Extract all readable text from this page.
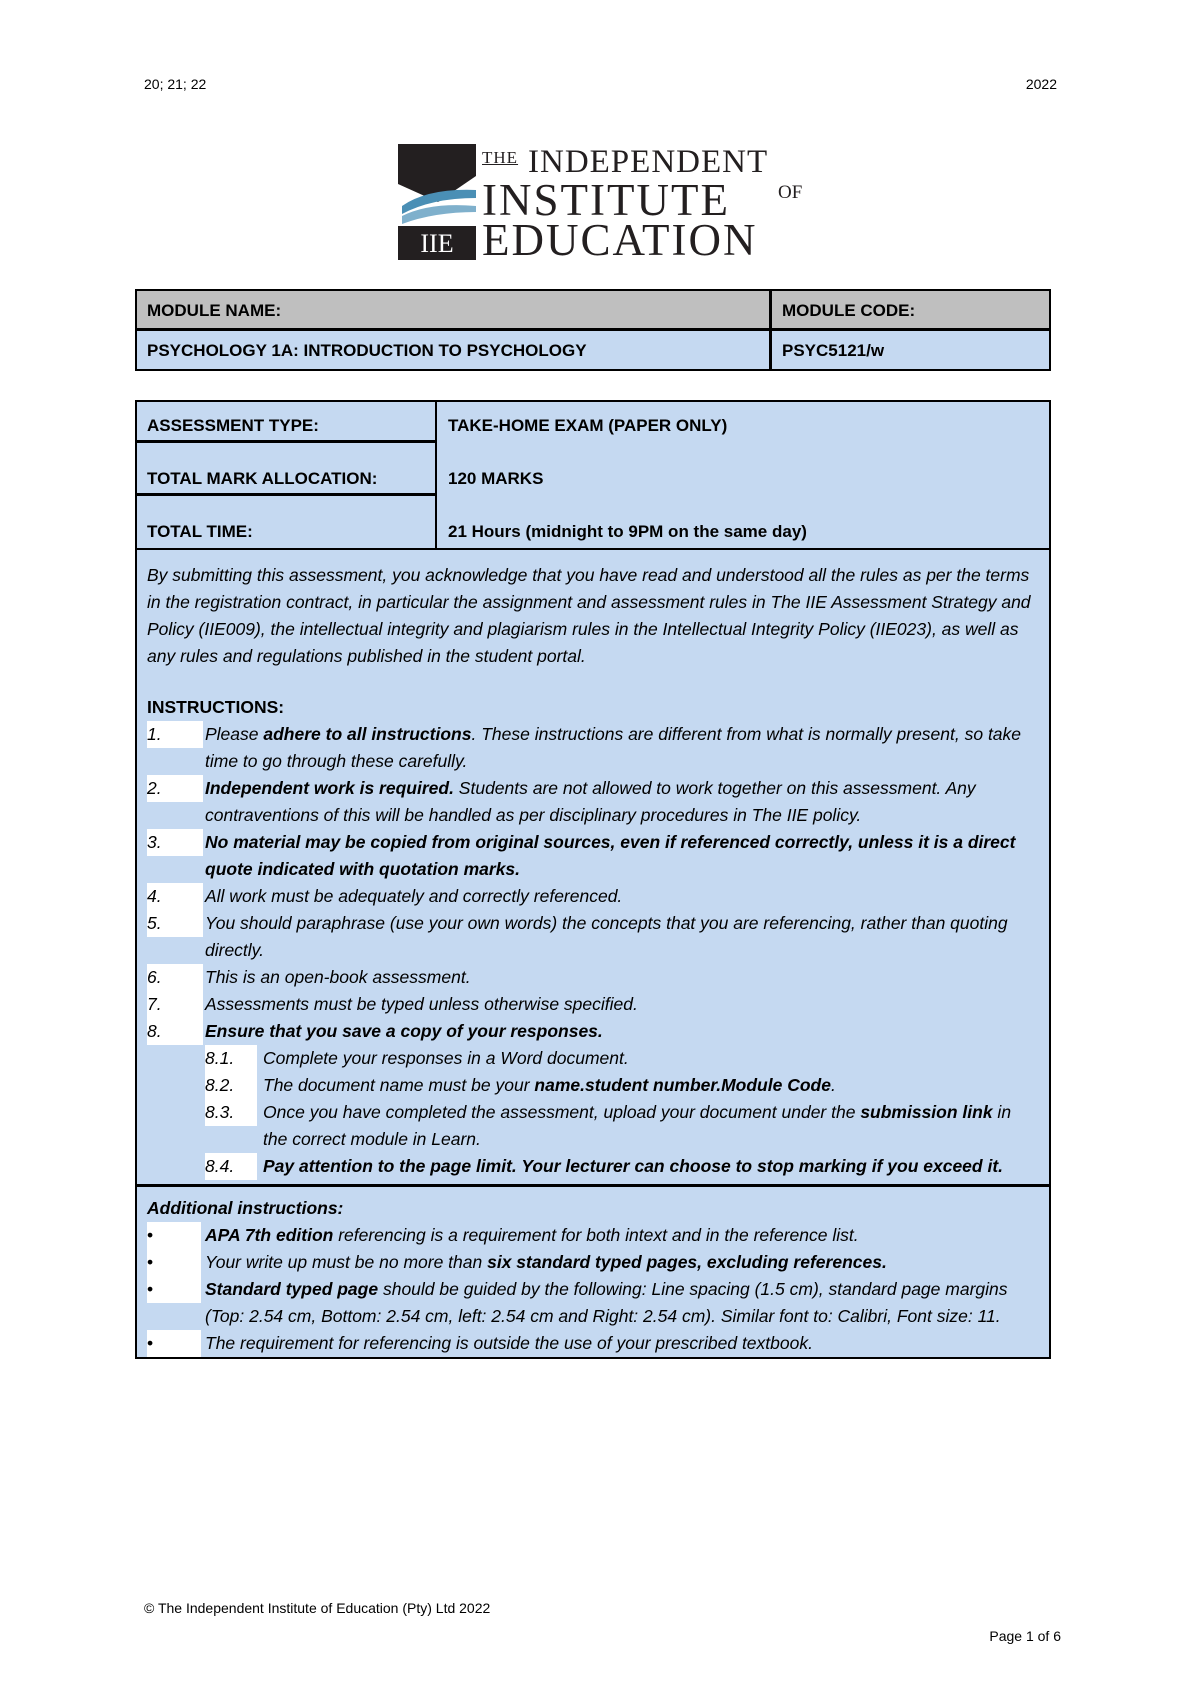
20; 21; 22	2022
IIE
THE INDEPENDENT
INSTITUTE	OF
EDUCATION
MODULE NAME:	MODULE CODE:
PSYCHOLOGY 1A: INTRODUCTION TO PSYCHOLOGY	PSYC5121/w
ASSESSMENT TYPE:	TAKE-HOME EXAM (PAPER ONLY)
TOTAL MARK ALLOCATION:	120 MARKS
TOTAL TIME:	21 Hours (midnight to 9PM on the same day)

By submitting this assessment, you acknowledge that you have read and understood all the rules as per the terms in the registration contract, in particular the assignment and assessment rules in The IIE Assessment Strategy and Policy (IIE009), the intellectual integrity and plagiarism rules in the Intellectual Integrity Policy (IIE023), as well as any rules and regulations published in the student portal.

INSTRUCTIONS:
1.	Please adhere to all instructions. These instructions are different from what is normally present, so take time to go through these carefully.
2.	Independent work is required. Students are not allowed to work together on this assessment. Any contraventions of this will be handled as per disciplinary procedures in The IIE policy.
3.	No material may be copied from original sources, even if referenced correctly, unless it is a direct quote indicated with quotation marks.
4.	All work must be adequately and correctly referenced.
5.	You should paraphrase (use your own words) the concepts that you are referencing, rather than quoting directly.
6.	This is an open-book assessment.
7.	Assessments must be typed unless otherwise specified.
8.	Ensure that you save a copy of your responses.
8.1.	Complete your responses in a Word document.
8.2.	The document name must be your name.student number.Module Code.
8.3.	Once you have completed the assessment, upload your document under the submission link in the correct module in Learn.
8.4.	Pay attention to the page limit. Your lecturer can choose to stop marking if you exceed it.
Additional instructions:
•	APA 7th edition referencing is a requirement for both intext and in the reference list.
•	Your write up must be no more than six standard typed pages, excluding references.
•	Standard typed page should be guided by the following: Line spacing (1.5 cm), standard page margins (Top: 2.54 cm, Bottom: 2.54 cm, left: 2.54 cm and Right: 2.54 cm). Similar font to: Calibri, Font size: 11.
•	The requirement for referencing is outside the use of your prescribed textbook.
© The Independent Institute of Education (Pty) Ltd 2022
Page 1 of 6
